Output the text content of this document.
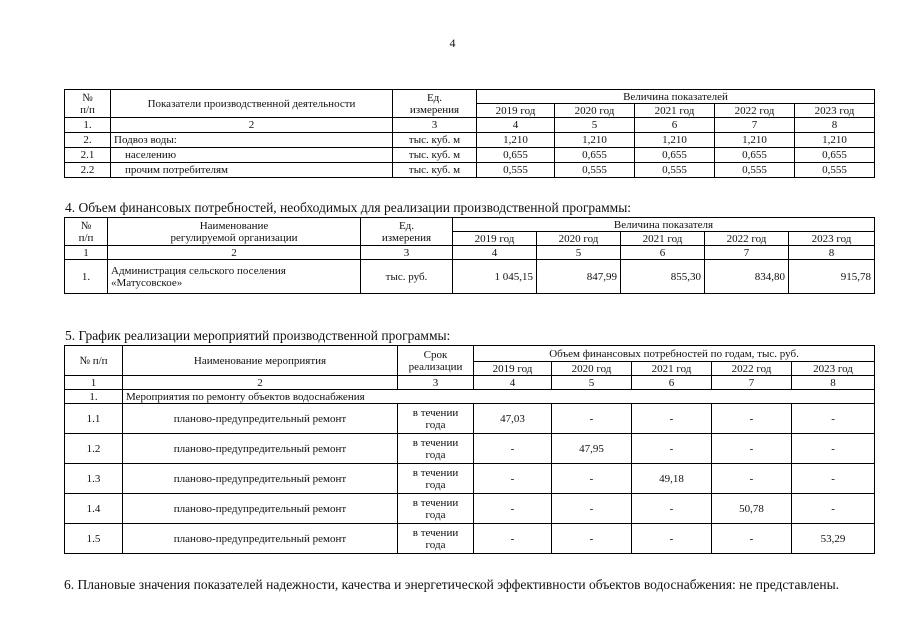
4
№
п/п	Показатели производственной деятельности	Ед.
измерения	Величина показателей				
			2019 год	2020 год	2021 год	2022 год	2023 год
1.	2	3	4	5	6	7	8
2.	Подвоз воды:	тыс. куб. м	1,210	1,210	1,210	1,210	1,210
2.1	населению	тыс. куб. м	0,655	0,655	0,655	0,655	0,655
2.2	прочим потребителям	тыс. куб. м	0,555	0,555	0,555	0,555	0,555
4. Объем финансовых потребностей, необходимых для реализации производственной программы:
№
п/п	Наименование
регулируемой организации	Ед.
измерения	Величина показателя				
			2019 год	2020 год	2021 год	2022 год	2023 год
1	2	3	4	5	6	7	8
1.	Администрация сельского поселения
«Матусовское»	тыс. руб.	1 045,15	847,99	855,30	834,80	915,78
5. График реализации мероприятий производственной программы:
№ п/п	Наименование мероприятия	Срок
реализации	Объем финансовых потребностей по годам, тыс. руб.				
			2019 год	2020 год	2021 год	2022 год	2023 год
1	2	3	4	5	6	7	8
1.	Мероприятия по ремонту объектов водоснабжения						
1.1	планово-предупредительный ремонт	в течении
года	47,03	-	-	-	-
1.2	планово-предупредительный ремонт	в течении
года	-	47,95	-	-	-
1.3	планово-предупредительный ремонт	в течении
года	-	-	49,18	-	-
1.4	планово-предупредительный ремонт	в течении
года	-	-	-	50,78	-
1.5	планово-предупредительный ремонт	в течении
года	-	-	-	-	53,29
6. Плановые значения показателей надежности, качества и энергетической эффективности объектов водоснабжения: не представлены.
